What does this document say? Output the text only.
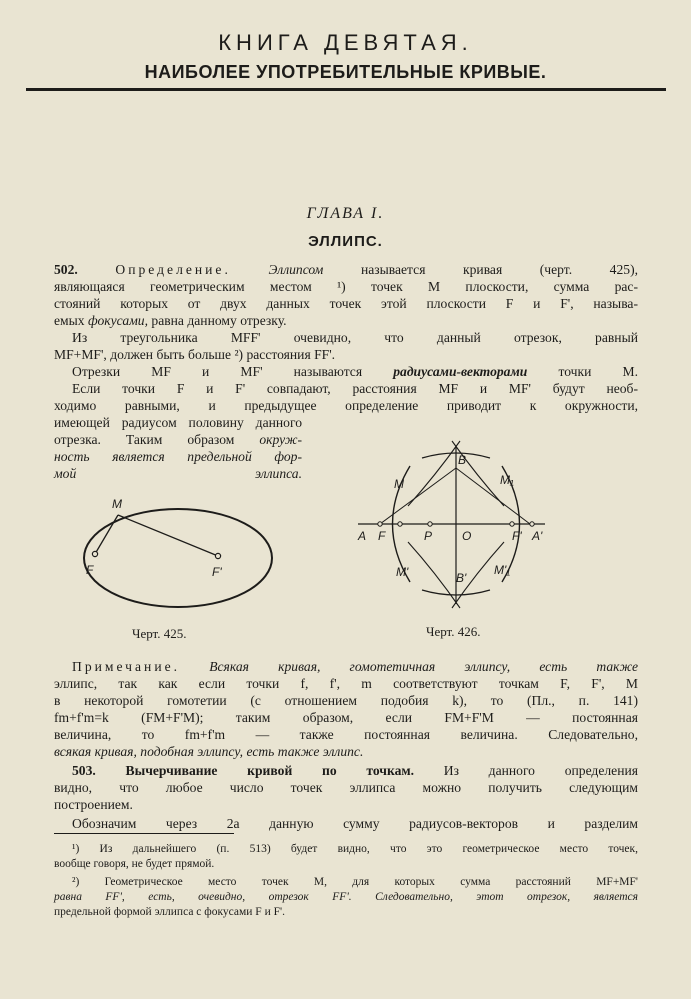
КНИГА ДЕВЯТАЯ.
НАИБОЛЕЕ УПОТРЕБИТЕЛЬНЫЕ КРИВЫЕ.
ГЛАВА I.
ЭЛЛИПС.

502.	Определение.	Эллипсом	называется кривая (черт. 425),

являющаяся геометрическим местом ¹) точек M плоскости, сумма рас-

стояний которых от двух данных точек этой плоскости F и F', называ-

емых фокусами, равна данному отрезку.

Из треугольника MFF' очевидно, что данный отрезок, равный

MF+MF', должен быть больше ²) расстояния FF'.

Отрезки MF и MF' называются радиусами-векторами точки M.

Если точки F и F' совпадают, расстояния MF и MF' будут необ-

ходимо равными, и предыдущее определение приводит к окружности,

имеющей радиусом половину данного

отрезка. Таким образом окруж-

ность является предельной фор-

мой эллипса.

M
F	F'
Черт. 425.
B
M	M₁
A F	P O	F' A'
M'	M'₁
B'
Черт. 426.

Примечание. Всякая кривая, гомотетичная эллипсу, есть также

эллипс, так как если точки f, f', m соответствуют точкам F, F', M

в некоторой гомотетии (с отношением подобия k), то (Пл., п. 141)

fm+f'm=k (FM+F'M); таким образом, если FM+F'M — постоянная

величина, то fm+f'm — также постоянная величина. Следовательно,

всякая кривая, подобная эллипсу, есть также эллипс.

503. Вычерчивание кривой по точкам. Из данного определения

видно, что любое число точек эллипса можно получить следующим

построением.

Обозначим через 2a данную сумму радиусов-векторов и разделим

¹) Из дальнейшего (п. 513) будет видно, что это геометрическое место точек,

вообще говоря, не будет прямой.

²) Геометрическое место точек M, для которых сумма расстояний MF+MF'

равна FF', есть, очевидно, отрезок FF'. Следовательно, этот отрезок, является

предельной формой эллипса с фокусами F и F'.
